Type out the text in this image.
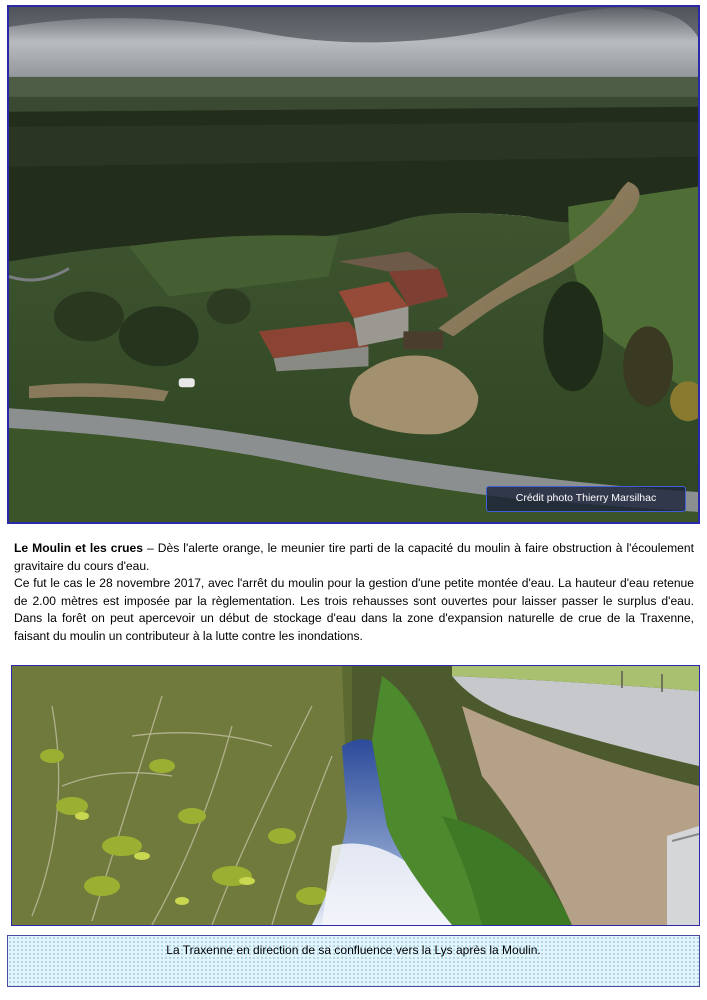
Crédit photo Thierry Marsilhac

Le Moulin et les crues – Dès l'alerte orange, le meunier tire parti de la capacité du moulin à faire obstruction à l'écoulement gravitaire du cours d'eau.

Ce fut le cas le 28 novembre 2017, avec l'arrêt du moulin pour la gestion d'une petite montée d'eau. La hauteur d'eau retenue de 2.00 mètres est imposée par la règlementation. Les trois rehausses sont ouvertes pour laisser passer le surplus d'eau. Dans la forêt on peut apercevoir un début de stockage d'eau dans la zone d'expansion naturelle de crue de la Traxenne, faisant du moulin un contributeur à la lutte contre les inondations.

La Traxenne en direction de sa confluence vers la Lys après la Moulin.
